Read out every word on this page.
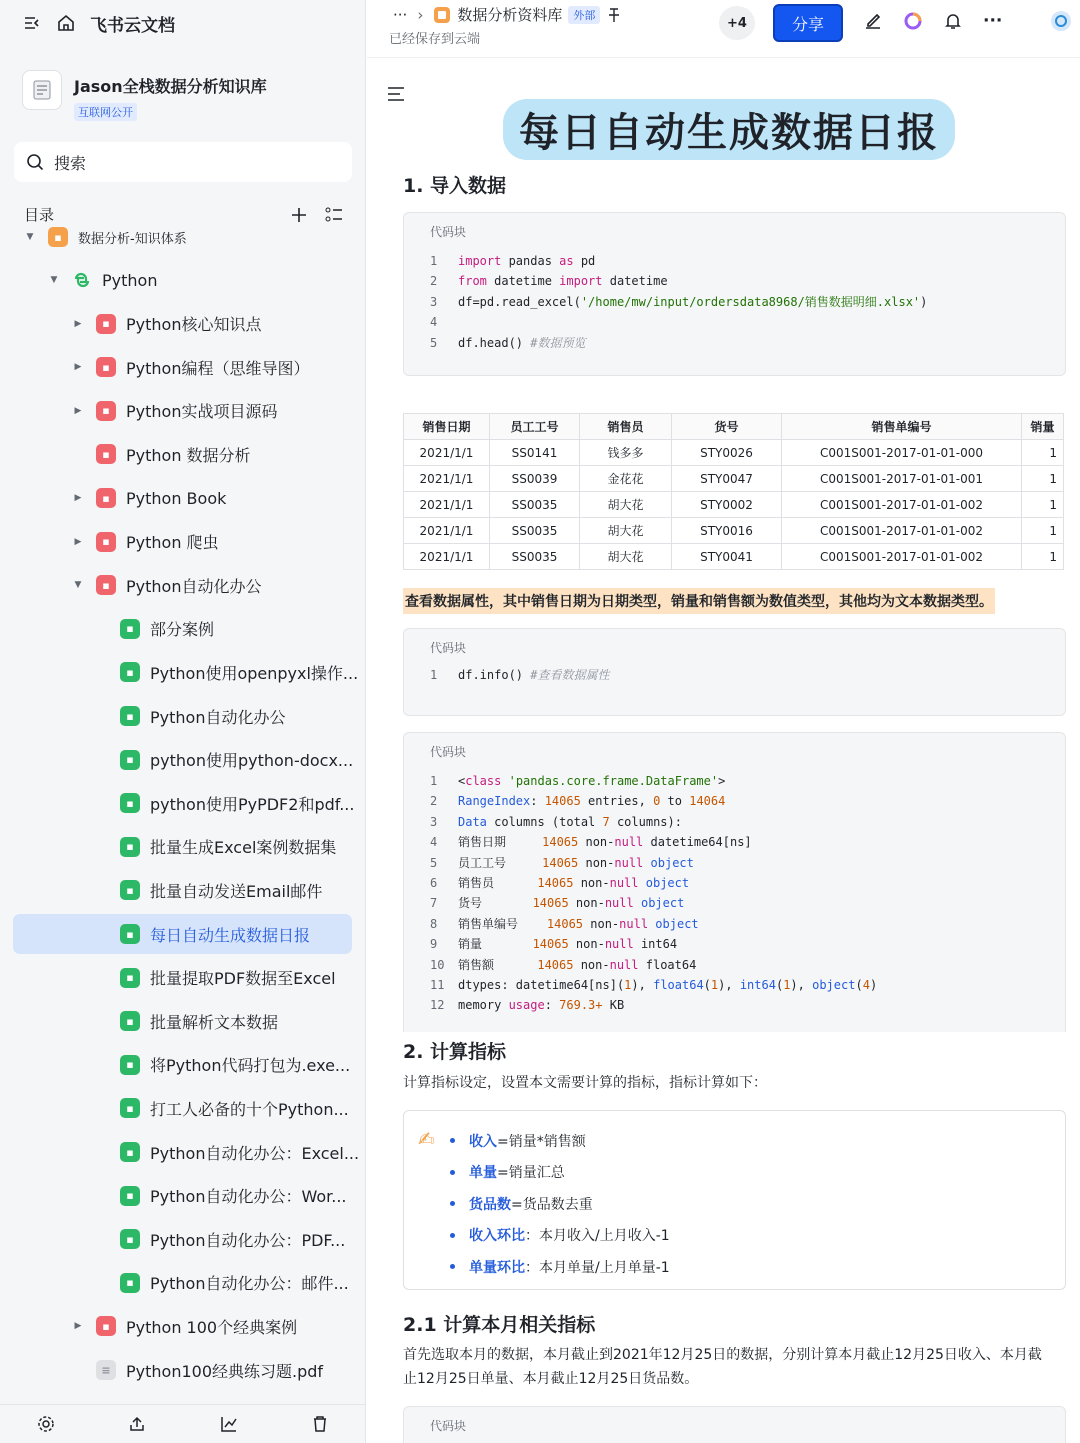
飞书云文档
Jason全栈数据分析知识库
互联网公开
搜索
目录
▼	▪	数据分析-知识体系
▼	Python
▶	▪	Python核心知识点
▶	▪	Python编程（思维导图）
▶	▪	Python实战项目源码
▪	Python 数据分析
▶	▪	Python Book
▶	▪	Python 爬虫
▼	▪	Python自动化办公
▪	部分案例
▪	Python使用openpyxl操作...
▪	Python自动化办公
▪	python使用python-docx...
▪	python使用PyPDF2和pdf...
▪	批量生成Excel案例数据集
▪	批量自动发送Email邮件
▪	每日自动生成数据日报
▪	批量提取PDF数据至Excel
▪	批量解析文本数据
▪	将Python代码打包为.exe...
▪	打工人必备的十个Python...
▪	Python自动化办公：Excel...
▪	Python自动化办公：Wor...
▪	Python自动化办公：PDF...
▪	Python自动化办公：邮件...
▶	▪	Python 100个经典案例
≡ Python100经典练习题.pdf
··· › 数据分析资料库	外部
已经保存到云端
+4	分享	···
每日自动生成数据日报
1. 导入数据
代码块
1 import pandas as pd
2 from datetime import datetime
3 df=pd.read_excel('/home/mw/input/ordersdata8968/销售数据明细.xlsx')
4
5 df.head() #数据预览
销售日期	员工工号	销售员	货号	销售单编号	销量
2021/1/1	SS0141	钱多多	STY0026	C001S001-2017-01-01-000	1
2021/1/1	SS0039	金花花	STY0047	C001S001-2017-01-01-001	1
2021/1/1	SS0035	胡大花	STY0002	C001S001-2017-01-01-002	1
2021/1/1	SS0035	胡大花	STY0016	C001S001-2017-01-01-002	1
2021/1/1	SS0035	胡大花	STY0041	C001S001-2017-01-01-002	1
查看数据属性，其中销售日期为日期类型，销量和销售额为数值类型，其他均为文本数据类型。
代码块
1 df.info() #查看数据属性
代码块
1 <class 'pandas.core.frame.DataFrame'>
2 RangeIndex: 14065 entries, 0 to 14064
3 Data columns (total 7 columns):
4 销售日期     14065 non-null datetime64[ns]
5 员工工号     14065 non-null object
6 销售员      14065 non-null object
7 货号       14065 non-null object
8 销售单编号    14065 non-null object
9 销量       14065 non-null int64
10 销售额      14065 non-null float64
11 dtypes: datetime64[ns](1), float64(1), int64(1), object(4)
12 memory usage: 769.3+ KB
2. 计算指标
计算指标设定，设置本文需要计算的指标，指标计算如下：
✍ 收入=销量*销售额
单量=销量汇总
货品数=货品数去重
收入环比：本月收入/上月收入-1
单量环比：本月单量/上月单量-1
2.1 计算本月相关指标
首先选取本月的数据，本月截止到2021年12月25日的数据，分别计算本月截止12月25日收入、本月截
止12月25日单量、本月截止12月25日货品数。
代码块
